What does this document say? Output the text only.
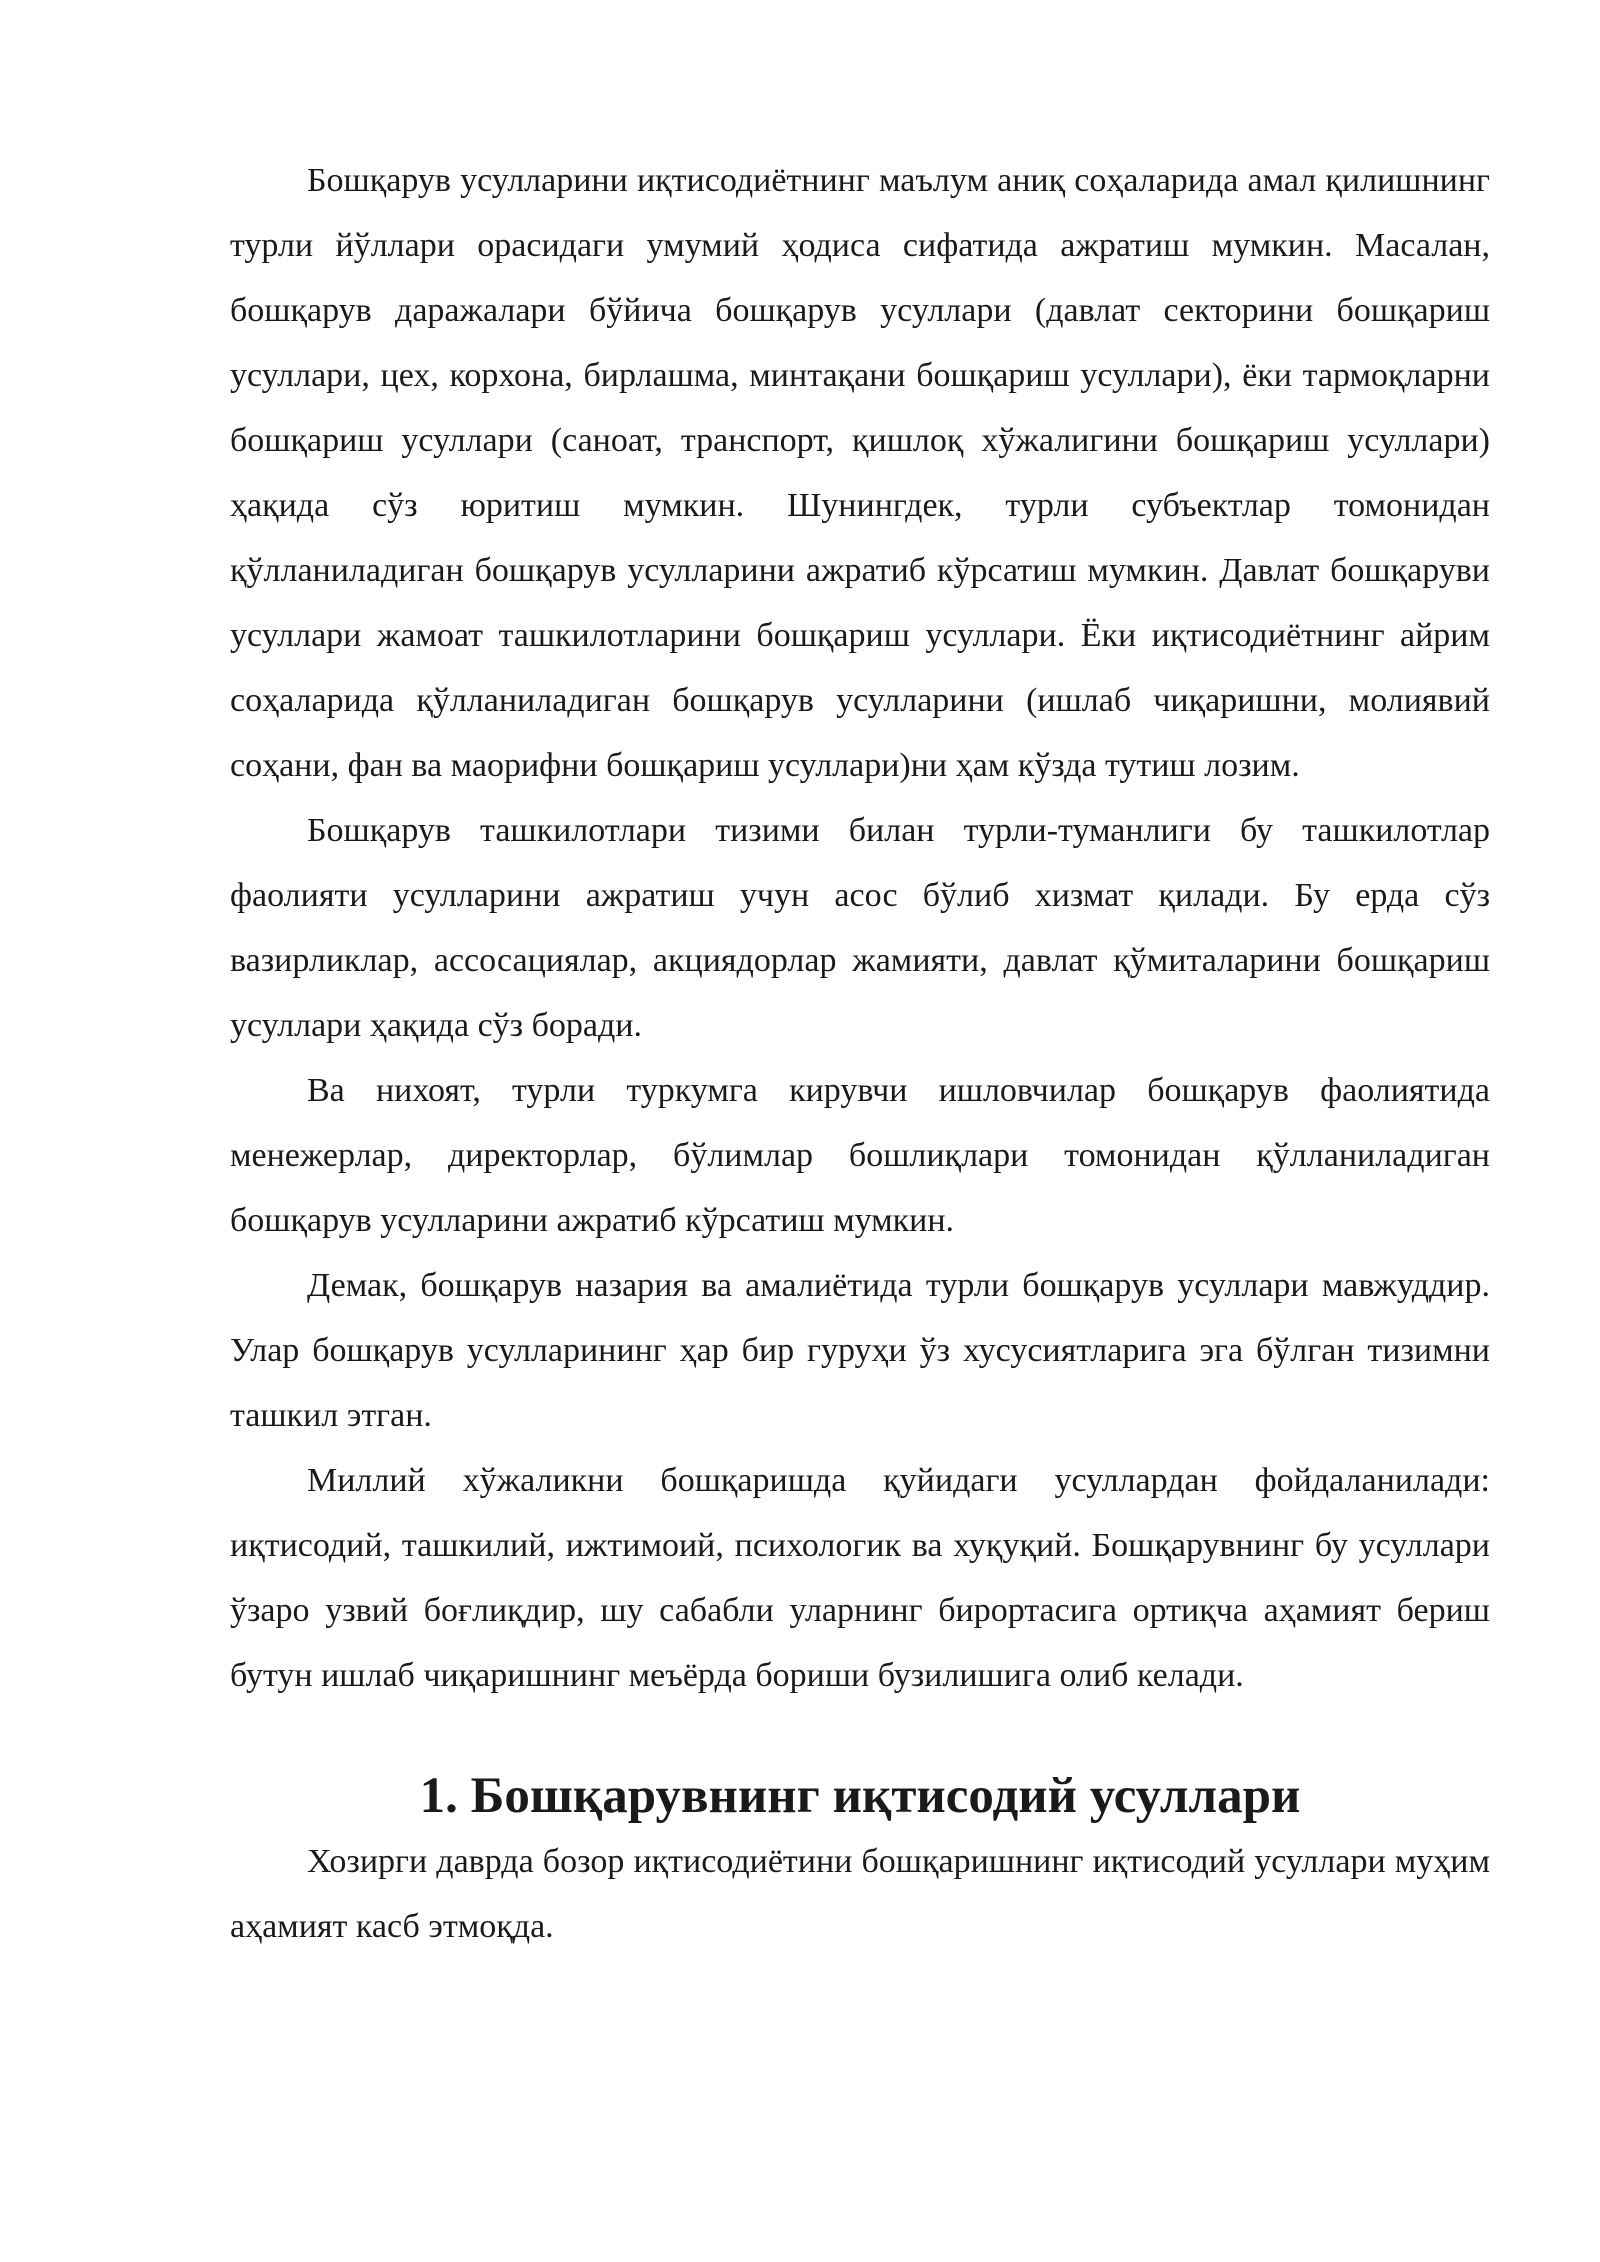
Бошқарув усулларини иқтисодиётнинг маълум аниқ соҳаларида амал қилишнинг турли йўллари орасидаги умумий ҳодиса сифатида ажратиш мумкин. Масалан, бошқарув даражалари бўйича бошқарув усуллари (давлат секторини бошқариш усуллари, цех, корхона, бирлашма, минтақани бошқариш усуллари), ёки тармоқларни бошқариш усуллари (саноат, транспорт, қишлоқ хўжалигини бошқариш усуллари) ҳақида сўз юритиш мумкин. Шунингдек, турли субъектлар томонидан қўлланиладиган бошқарув усулларини ажратиб кўрсатиш мумкин. Давлат бошқаруви усуллари жамоат ташкилотларини бошқариш усуллари. Ёки иқтисодиётнинг айрим соҳаларида қўлланиладиган бошқарув усулларини (ишлаб чиқаришни, молиявий соҳани, фан ва маорифни бошқариш усуллари)ни ҳам кўзда тутиш лозим.

Бошқарув ташкилотлари тизими билан турли-туманлиги бу ташкилотлар фаолияти усулларини ажратиш учун асос бўлиб хизмат қилади. Бу ерда сўз вазирликлар, ассосациялар, акциядорлар жамияти, давлат қўмиталарини бошқариш усуллари ҳақида сўз боради.

Ва нихоят, турли туркумга кирувчи ишловчилар бошқарув фаолиятида менежерлар, директорлар, бўлимлар бошлиқлари томонидан қўлланиладиган бошқарув усулларини ажратиб кўрсатиш мумкин.

Демак, бошқарув назария ва амалиётида турли бошқарув усуллари мавжуддир. Улар бошқарув усулларининг ҳар бир гуруҳи ўз хусусиятларига эга бўлган тизимни ташкил этган.

Миллий хўжаликни бошқаришда қуйидаги усуллардан фойдаланилади: иқтисодий, ташкилий, ижтимоий, психологик ва хуқуқий. Бошқарувнинг бу усуллари ўзаро узвий боғлиқдир, шу сабабли уларнинг бирортасига ортиқча аҳамият бериш бутун ишлаб чиқаришнинг меъёрда бориши бузилишига олиб келади.

1. Бошқарувнинг иқтисодий усуллари

Хозирги даврда бозор иқтисодиётини бошқаришнинг иқтисодий усуллари муҳим аҳамият касб этмоқда.
